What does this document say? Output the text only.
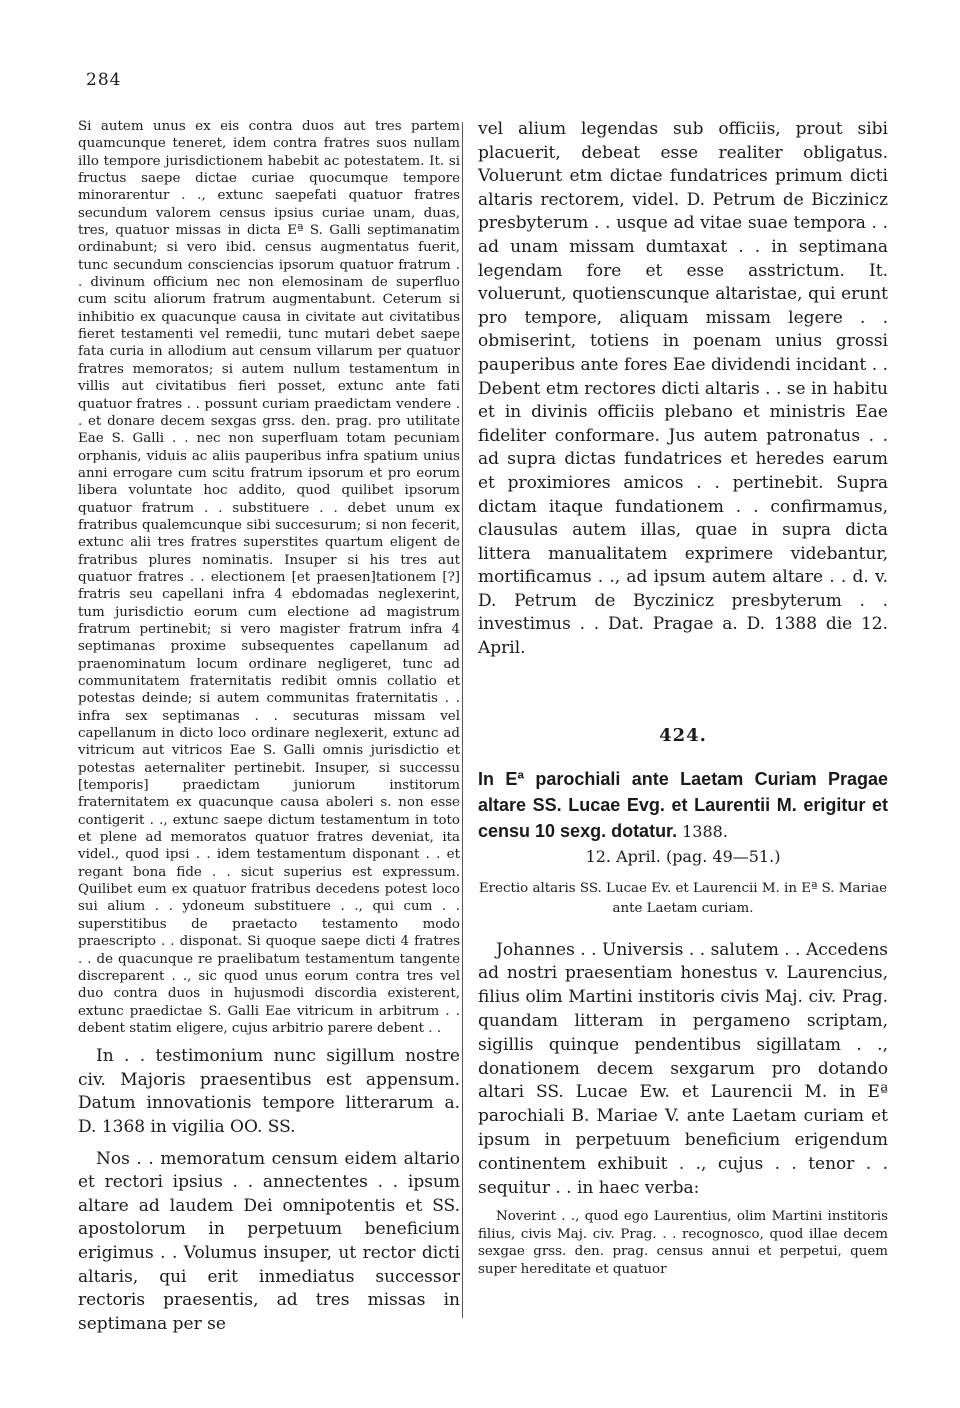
284

Si autem unus ex eis contra duos aut tres partem quamcunque teneret, idem contra fratres suos nullam illo tempore jurisdictionem habebit ac potestatem. It. si fructus saepe dictae curiae quocumque tempore minorarentur . ., extunc saepefati quatuor fratres secundum valorem census ipsius curiae unam, duas, tres, quatuor missas in dicta Eª S. Galli septimanatim ordinabunt; si vero ibid. census augmentatus fuerit, tunc secundum consciencias ipsorum quatuor fratrum . . divinum officium nec non elemosinam de superfluo cum scitu aliorum fratrum augmentabunt. Ceterum si inhibitio ex quacunque causa in civitate aut civitatibus fieret testamenti vel remedii, tunc mutari debet saepe fata curia in allodium aut censum villarum per quatuor fratres memoratos; si autem nullum testamentum in villis aut civitatibus fieri posset, extunc ante fati quatuor fratres . . possunt curiam praedictam vendere . . et donare decem sexgas grss. den. prag. pro utilitate Eae S. Galli . . nec non superfluam totam pecuniam orphanis, viduis ac aliis pauperibus infra spatium unius anni errogare cum scitu fratrum ipsorum et pro eorum libera voluntate hoc addito, quod quilibet ipsorum quatuor fratrum . . substituere . . debet unum ex fratribus qualemcunque sibi succesurum; si non fecerit, extunc alii tres fratres superstites quartum eligent de fratribus plures nominatis. Insuper si his tres aut quatuor fratres . . electionem [et praesen]tationem [?] fratris seu capellani infra 4 ebdomadas neglexerint, tum jurisdictio eorum cum electione ad magistrum fratrum pertinebit; si vero magister fratrum infra 4 septimanas proxime subsequentes capellanum ad praenominatum locum ordinare negligeret, tunc ad communitatem fraternitatis redibit omnis collatio et potestas deinde; si autem communitas fraternitatis . . infra sex septimanas . . secuturas missam vel capellanum in dicto loco ordinare neglexerit, extunc ad vitricum aut vitricos Eae S. Galli omnis jurisdictio et potestas aeternaliter pertinebit. Insuper, si successu [temporis] praedictam juniorum institorum fraternitatem ex quacunque causa aboleri s. non esse contigerit . ., extunc saepe dictum testamentum in toto et plene ad memoratos quatuor fratres deveniat, ita videl., quod ipsi . . idem testamentum disponant . . et regant bona fide . . sicut superius est expressum. Quilibet eum ex quatuor fratribus decedens potest loco sui alium . . ydoneum substituere . ., qui cum . . superstitibus de praetacto testamento modo praescripto . . disponat. Si quoque saepe dicti 4 fratres . . de quacunque re praelibatum testamentum tangente discreparent . ., sic quod unus eorum contra tres vel duo contra duos in hujusmodi discordia existerent, extunc praedictae S. Galli Eae vitricum in arbitrum . . debent statim eligere, cujus arbitrio parere debent . .

In . . testimonium nunc sigillum nostre civ. Majoris praesentibus est appensum. Datum innovationis tempore litterarum a. D. 1368 in vigilia OO. SS.

Nos . . memoratum censum eidem altario et rectori ipsius . . annectentes . . ipsum altare ad laudem Dei omnipotentis et SS. apostolorum in perpetuum beneficium erigimus . . Volumus insuper, ut rector dicti altaris, qui erit inmediatus successor rectoris praesentis, ad tres missas in septimana per se

vel alium legendas sub officiis, prout sibi placuerit, debeat esse realiter obligatus. Voluerunt etm dictae fundatrices primum dicti altaris rectorem, videl. D. Petrum de Biczinicz presbyterum . . usque ad vitae suae tempora . . ad unam missam dumtaxat . . in septimana legendam fore et esse asstrictum. It. voluerunt, quotienscunque altaristae, qui erunt pro tempore, aliquam missam legere . . obmiserint, totiens in poenam unius grossi pauperibus ante fores Eae dividendi incidant . . Debent etm rectores dicti altaris . . se in habitu et in divinis officiis plebano et ministris Eae fideliter conformare. Jus autem patronatus . . ad supra dictas fundatrices et heredes earum et proximiores amicos . . pertinebit. Supra dictam itaque fundationem . . confirmamus, clausulas autem illas, quae in supra dicta littera manualitatem exprimere videbantur, mortificamus . ., ad ipsum autem altare . . d. v. D. Petrum de Byczinicz presbyterum . . investimus . . Dat. Pragae a. D. 1388 die 12. April.

424.

In Eª parochiali ante Laetam Curiam Pragae altare SS. Lucae Evg. et Laurentii M. erigitur et censu 10 sexg. dotatur. 1388.

12. April. (pag. 49—51.)

Erectio altaris SS. Lucae Ev. et Laurencii M. in Eª S. Mariae ante Laetam curiam.

Johannes . . Universis . . salutem . . Accedens ad nostri praesentiam honestus v. Laurencius, filius olim Martini institoris civis Maj. civ. Prag. quandam litteram in pergameno scriptam, sigillis quinque pendentibus sigillatam . ., donationem decem sexgarum pro dotando altari SS. Lucae Ew. et Laurencii M. in Eª parochiali B. Mariae V. ante Laetam curiam et ipsum in perpetuum beneficium erigendum continentem exhibuit . ., cujus . . tenor . . sequitur . . in haec verba:

Noverint . ., quod ego Laurentius, olim Martini institoris filius, civis Maj. civ. Prag. . . recognosco, quod illae decem sexgae grss. den. prag. census annui et perpetui, quem super hereditate et quatuor
